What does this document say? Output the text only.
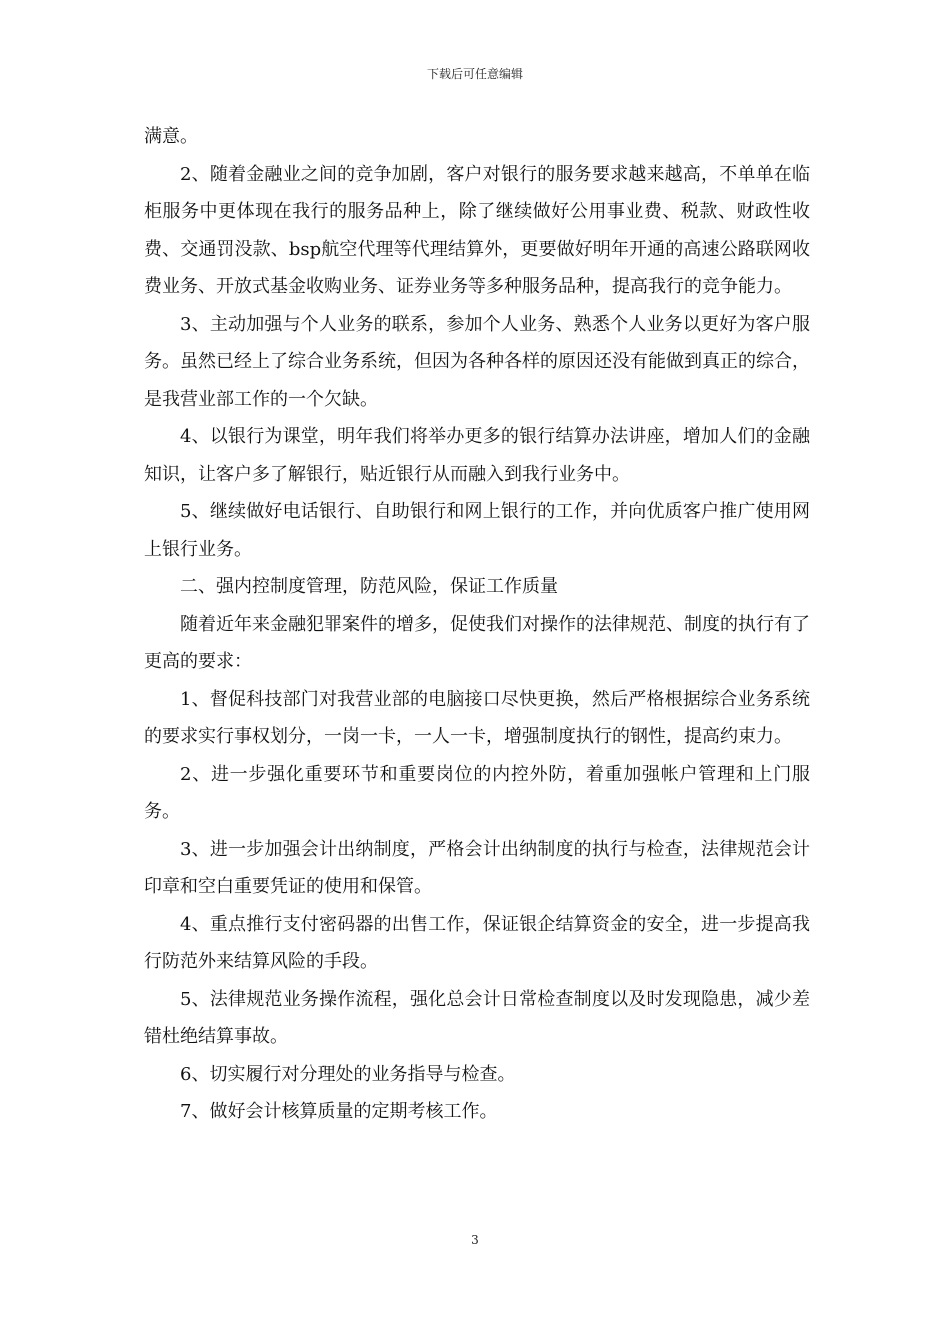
下载后可任意编辑

满意。

2、随着金融业之间的竞争加剧，客户对银行的服务要求越来越高，不单单在临柜服务中更体现在我行的服务品种上，除了继续做好公用事业费、税款、财政性收费、交通罚没款、bsp航空代理等代理结算外，更要做好明年开通的高速公路联网收费业务、开放式基金收购业务、证券业务等多种服务品种，提高我行的竞争能力。

3、主动加强与个人业务的联系，参加个人业务、熟悉个人业务以更好为客户服务。虽然已经上了综合业务系统，但因为各种各样的原因还没有能做到真正的综合，是我营业部工作的一个欠缺。

4、以银行为课堂，明年我们将举办更多的银行结算办法讲座，增加人们的金融知识，让客户多了解银行，贴近银行从而融入到我行业务中。

5、继续做好电话银行、自助银行和网上银行的工作，并向优质客户推广使用网上银行业务。

二、强内控制度管理，防范风险，保证工作质量

随着近年来金融犯罪案件的增多，促使我们对操作的法律规范、制度的执行有了更高的要求：

1、督促科技部门对我营业部的电脑接口尽快更换，然后严格根据综合业务系统的要求实行事权划分，一岗一卡，一人一卡，增强制度执行的钢性，提高约束力。

2、进一步强化重要环节和重要岗位的内控外防，着重加强帐户管理和上门服务。

3、进一步加强会计出纳制度，严格会计出纳制度的执行与检查，法律规范会计印章和空白重要凭证的使用和保管。

4、重点推行支付密码器的出售工作，保证银企结算资金的安全，进一步提高我行防范外来结算风险的手段。

5、法律规范业务操作流程，强化总会计日常检查制度以及时发现隐患，减少差错杜绝结算事故。

6、切实履行对分理处的业务指导与检查。

7、做好会计核算质量的定期考核工作。

3
